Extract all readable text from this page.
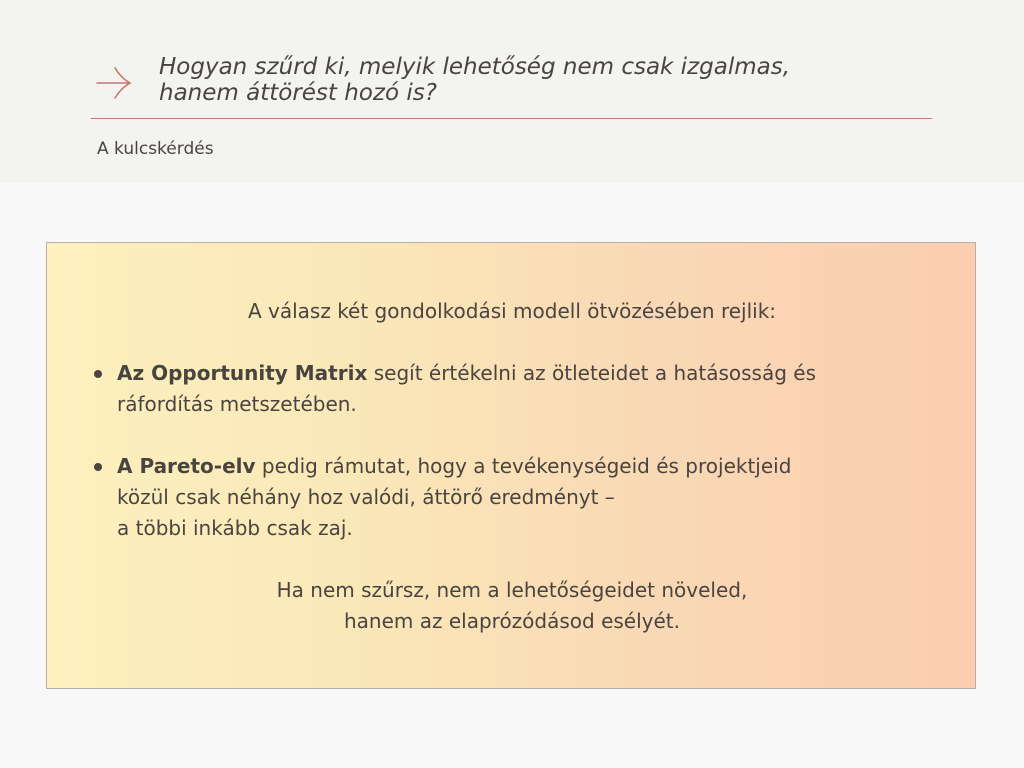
Hogyan szűrd ki, melyik lehetőség nem csak izgalmas,
hanem áttörést hozó is?
A kulcskérdés
A válasz két gondolkodási modell ötvözésében rejlik:
Az Opportunity Matrix segít értékelni az ötleteidet a hatásosság és
ráfordítás metszetében.
A Pareto-elv pedig rámutat, hogy a tevékenységeid és projektjeid
közül csak néhány hoz valódi, áttörő eredményt –
a többi inkább csak zaj.
Ha nem szűrsz, nem a lehetőségeidet növeled,
hanem az elaprózódásod esélyét.
